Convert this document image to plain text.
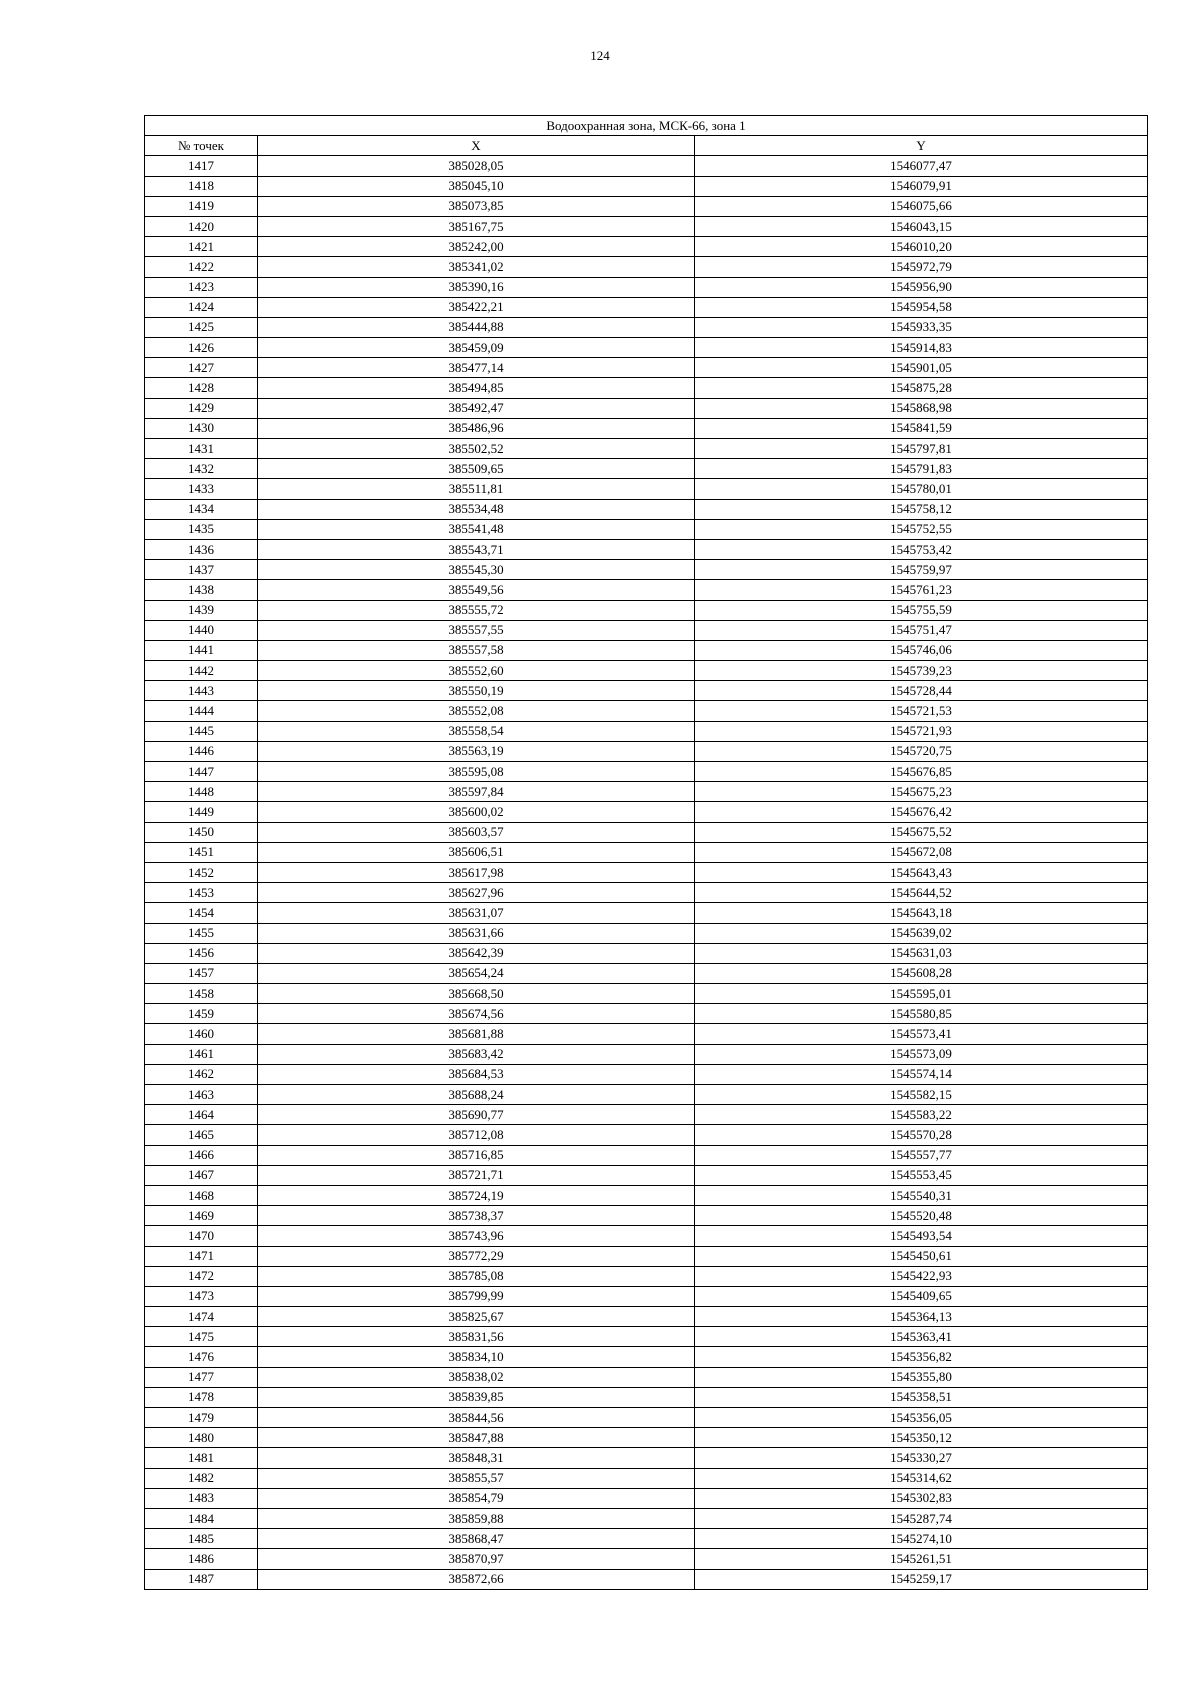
124
Водоохранная зона, МСК-66, зона 1		
№ точек	X	Y
1417	385028,05	1546077,47
1418	385045,10	1546079,91
1419	385073,85	1546075,66
1420	385167,75	1546043,15
1421	385242,00	1546010,20
1422	385341,02	1545972,79
1423	385390,16	1545956,90
1424	385422,21	1545954,58
1425	385444,88	1545933,35
1426	385459,09	1545914,83
1427	385477,14	1545901,05
1428	385494,85	1545875,28
1429	385492,47	1545868,98
1430	385486,96	1545841,59
1431	385502,52	1545797,81
1432	385509,65	1545791,83
1433	385511,81	1545780,01
1434	385534,48	1545758,12
1435	385541,48	1545752,55
1436	385543,71	1545753,42
1437	385545,30	1545759,97
1438	385549,56	1545761,23
1439	385555,72	1545755,59
1440	385557,55	1545751,47
1441	385557,58	1545746,06
1442	385552,60	1545739,23
1443	385550,19	1545728,44
1444	385552,08	1545721,53
1445	385558,54	1545721,93
1446	385563,19	1545720,75
1447	385595,08	1545676,85
1448	385597,84	1545675,23
1449	385600,02	1545676,42
1450	385603,57	1545675,52
1451	385606,51	1545672,08
1452	385617,98	1545643,43
1453	385627,96	1545644,52
1454	385631,07	1545643,18
1455	385631,66	1545639,02
1456	385642,39	1545631,03
1457	385654,24	1545608,28
1458	385668,50	1545595,01
1459	385674,56	1545580,85
1460	385681,88	1545573,41
1461	385683,42	1545573,09
1462	385684,53	1545574,14
1463	385688,24	1545582,15
1464	385690,77	1545583,22
1465	385712,08	1545570,28
1466	385716,85	1545557,77
1467	385721,71	1545553,45
1468	385724,19	1545540,31
1469	385738,37	1545520,48
1470	385743,96	1545493,54
1471	385772,29	1545450,61
1472	385785,08	1545422,93
1473	385799,99	1545409,65
1474	385825,67	1545364,13
1475	385831,56	1545363,41
1476	385834,10	1545356,82
1477	385838,02	1545355,80
1478	385839,85	1545358,51
1479	385844,56	1545356,05
1480	385847,88	1545350,12
1481	385848,31	1545330,27
1482	385855,57	1545314,62
1483	385854,79	1545302,83
1484	385859,88	1545287,74
1485	385868,47	1545274,10
1486	385870,97	1545261,51
1487	385872,66	1545259,17
